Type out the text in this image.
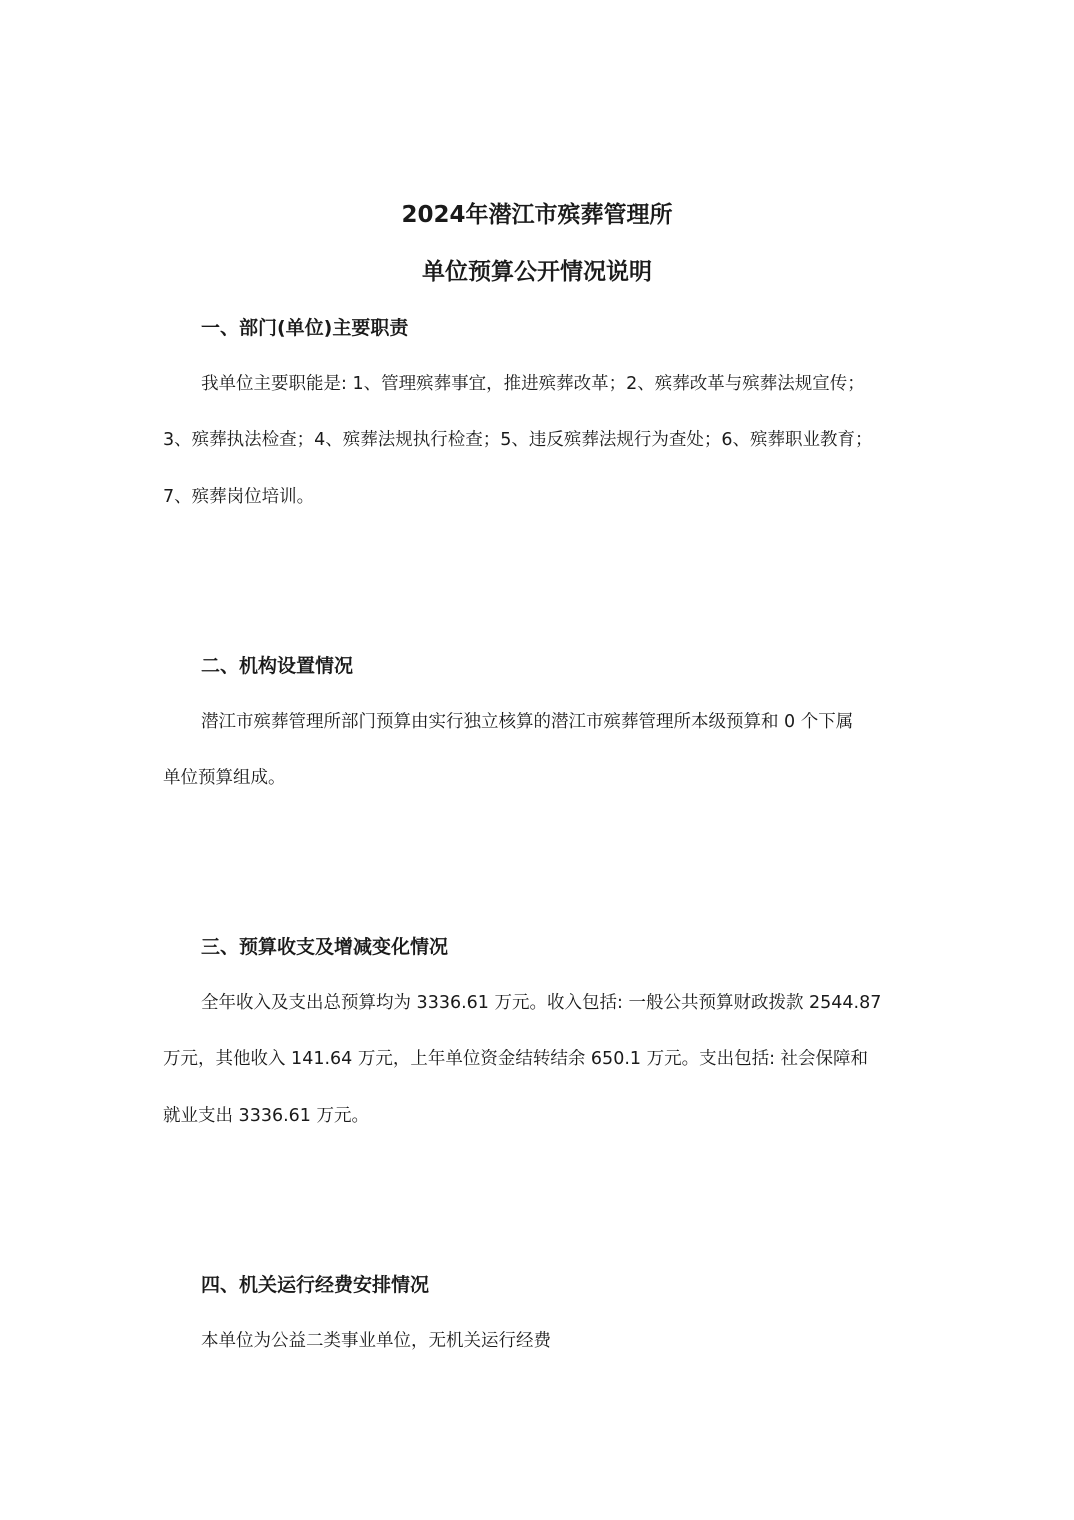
2024年潜江市殡葬管理所
单位预算公开情况说明
一、部门(单位)主要职责
我单位主要职能是: 1、管理殡葬事宜，推进殡葬改革；2、殡葬改革与殡葬法规宣传；
3、殡葬执法检查；4、殡葬法规执行检查；5、违反殡葬法规行为查处；6、殡葬职业教育；
7、殡葬岗位培训。
二、机构设置情况
潜江市殡葬管理所部门预算由实行独立核算的潜江市殡葬管理所本级预算和 0 个下属
单位预算组成。
三、预算收支及增减变化情况
全年收入及支出总预算均为 3336.61 万元。收入包括: 一般公共预算财政拨款 2544.87
万元，其他收入 141.64 万元，上年单位资金结转结余 650.1 万元。支出包括: 社会保障和
就业支出 3336.61 万元。
四、机关运行经费安排情况
本单位为公益二类事业单位，无机关运行经费
